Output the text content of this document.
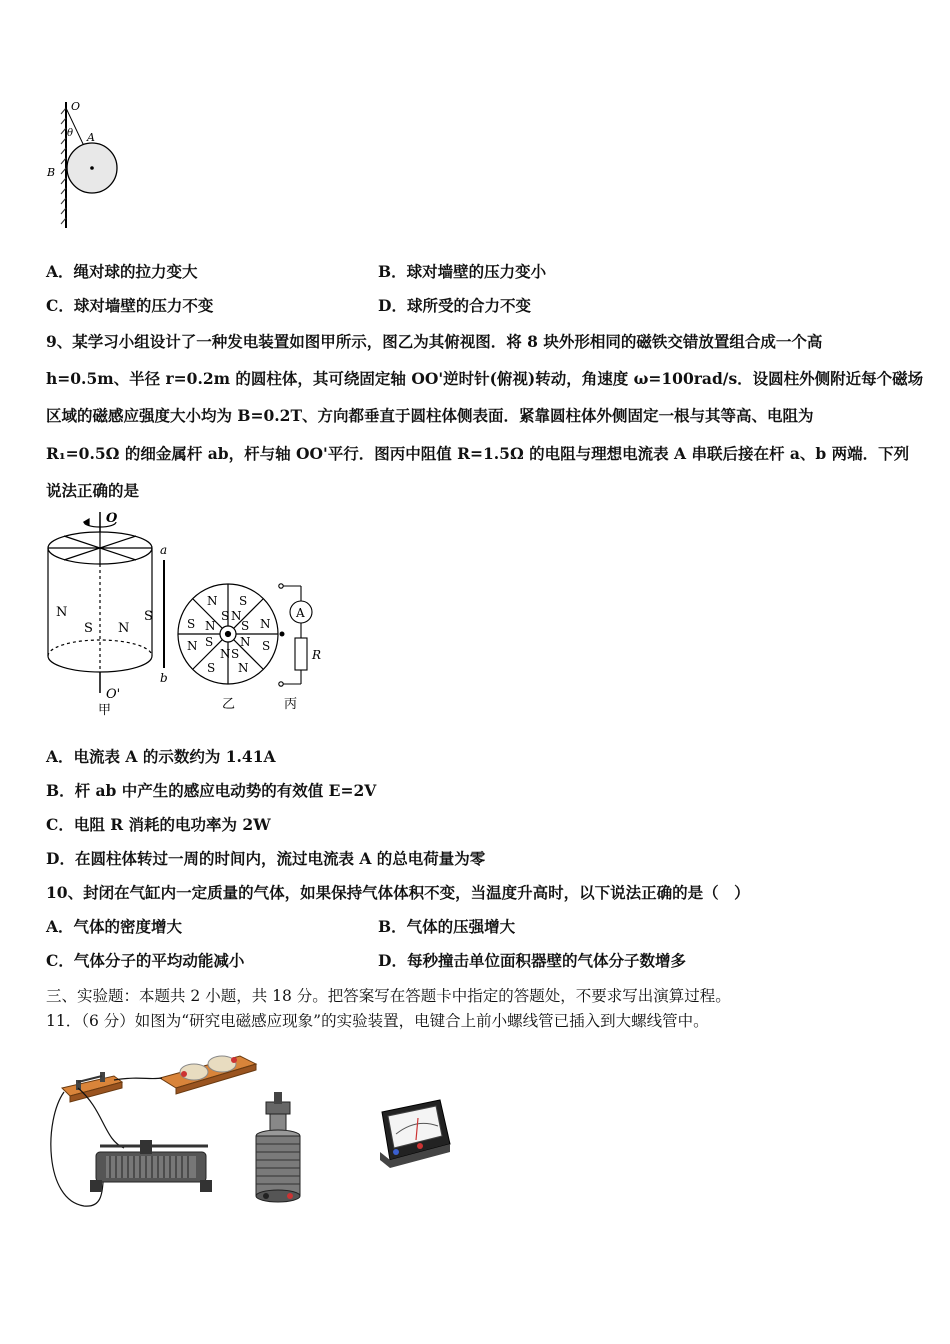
O
θ A
B
A．绳对球的拉力变大	B．球对墙壁的压力变小
C．球对墙壁的压力不变	D．球所受的合力不变
9、某学习小组设计了一种发电装置如图甲所示，图乙为其俯视图．将 8 块外形相同的磁铁交错放置组合成一个高
h=0.5m、半径 r=0.2m 的圆柱体，其可绕固定轴 OO'逆时针(俯视)转动，角速度 ω=100rad/s．设圆柱外侧附近每个磁场
区域的磁感应强度大小均为 B=0.2T、方向都垂直于圆柱体侧表面．紧靠圆柱体外侧固定一根与其等高、电阻为
R₁=0.5Ω 的细金属杆 ab，杆与轴 OO'平行．图丙中阻值 R=1.5Ω 的电阻与理想电流表 A 串联后接在杆 a、b 两端．下列
说法正确的是
O
O'
a
b
N
S N
S
甲
N S
S N
S N	N
S
N S	S
N
N S
S N
乙
A
R
丙
A．电流表 A 的示数约为 1.41A
B．杆 ab 中产生的感应电动势的有效值 E=2V
C．电阻 R 消耗的电功率为 2W
D．在圆柱体转过一周的时间内，流过电流表 A 的总电荷量为零
10、封闭在气缸内一定质量的气体，如果保持气体体积不变，当温度升高时，以下说法正确的是（　）
A．气体的密度增大	B．气体的压强增大
C．气体分子的平均动能减小	D．每秒撞击单位面积器壁的气体分子数增多
三、实验题：本题共 2 小题，共 18 分。把答案写在答题卡中指定的答题处，不要求写出演算过程。
11．（6 分）如图为“研究电磁感应现象”的实验装置，电键合上前小螺线管已插入到大螺线管中。
